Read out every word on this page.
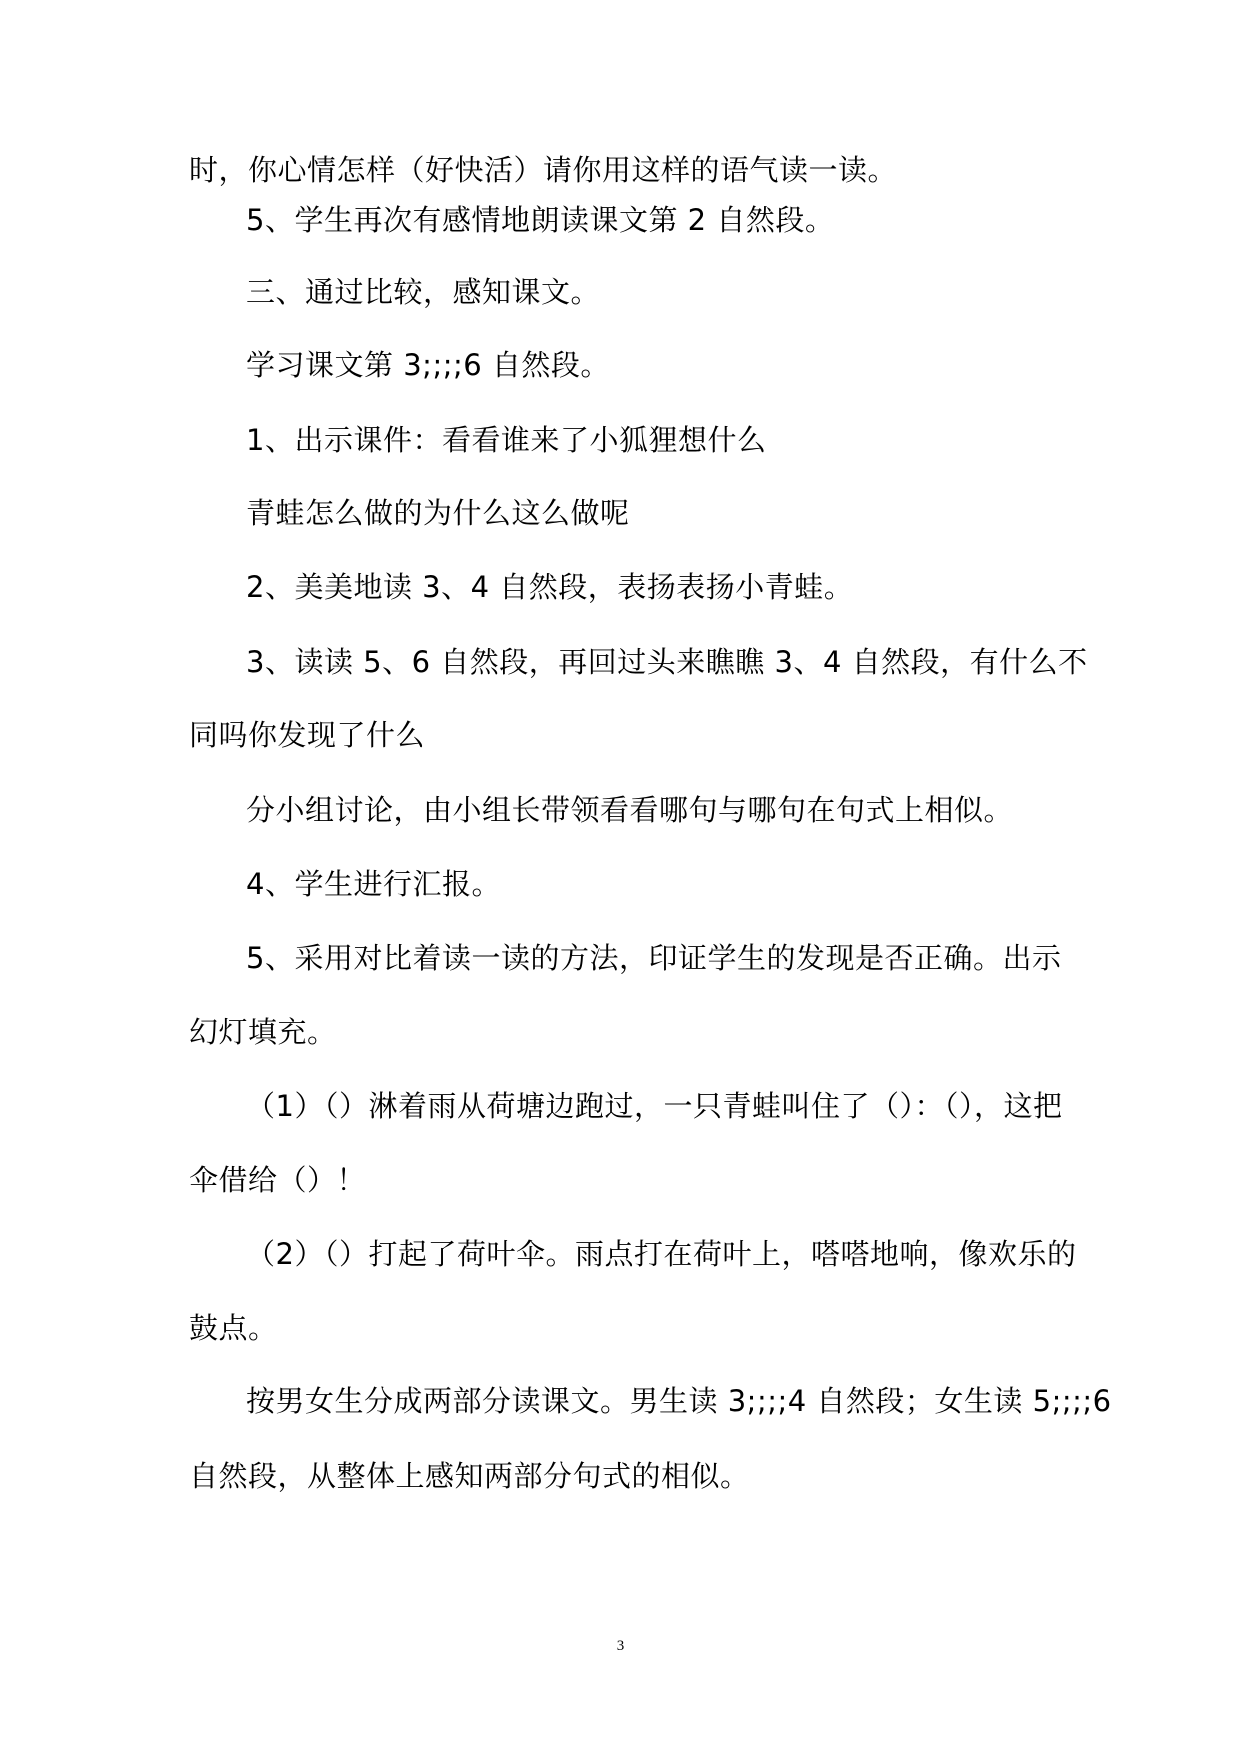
时，你心情怎样（好快活）请你用这样的语气读一读。
5、学生再次有感情地朗读课文第 2 自然段。
三、通过比较，感知课文。
学习课文第 3;;;;6 自然段。
1、出示课件：看看谁来了小狐狸想什么
青蛙怎么做的为什么这么做呢
2、美美地读 3、4 自然段，表扬表扬小青蛙。
3、读读 5、6 自然段，再回过头来瞧瞧 3、4 自然段，有什么不
同吗你发现了什么
分小组讨论，由小组长带领看看哪句与哪句在句式上相似。
4、学生进行汇报。
5、采用对比着读一读的方法，印证学生的发现是否正确。出示
幻灯填充。
（1）（）淋着雨从荷塘边跑过，一只青蛙叫住了（）：（），这把
伞借给（）！
（2）（）打起了荷叶伞。雨点打在荷叶上，嗒嗒地响，像欢乐的
鼓点。
按男女生分成两部分读课文。男生读 3;;;;4 自然段；女生读 5;;;;6
自然段，从整体上感知两部分句式的相似。
3
